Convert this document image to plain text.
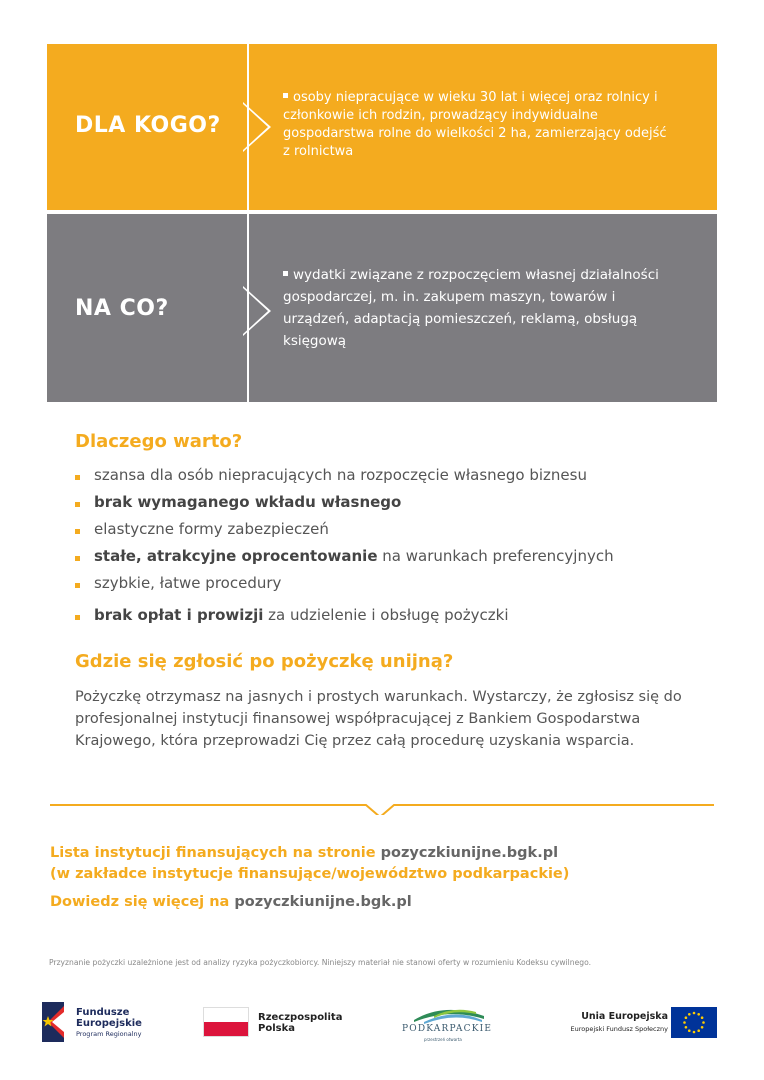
DLA KOGO?
osoby niepracujące w wieku 30 lat i więcej oraz rolnicy i członkowie ich rodzin, prowadzący indywidualne gospodarstwa rolne do wielkości 2 ha, zamierzający odejść z rolnictwa
NA CO?
wydatki związane z rozpoczęciem własnej działalności gospodarczej, m. in. zakupem maszyn, towarów i urządzeń, adaptacją pomieszczeń, reklamą, obsługą księgową
Dlaczego warto?
szansa dla osób niepracujących na rozpoczęcie własnego biznesu
brak wymaganego wkładu własnego
elastyczne formy zabezpieczeń
stałe, atrakcyjne oprocentowanie na warunkach preferencyjnych
szybkie, łatwe procedury
brak opłat i prowizji za udzielenie i obsługę pożyczki
Gdzie się zgłosić po pożyczkę unijną?
Pożyczkę otrzymasz na jasnych i prostych warunkach. Wystarczy, że zgłosisz się do profesjonalnej instytucji finansowej współpracującej z Bankiem Gospodarstwa Krajowego, która przeprowadzi Cię przez całą procedurę uzyskania wsparcia.
Lista instytucji finansujących na stronie pozyczkiunijne.bgk.pl
(w zakładce instytucje finansujące/województwo podkarpackie)
Dowiedz się więcej na pozyczkiunijne.bgk.pl
Przyznanie pożyczki uzależnione jest od analizy ryzyka pożyczkobiorcy. Niniejszy materiał nie stanowi oferty w rozumieniu Kodeksu cywilnego.
Fundusze
Europejskie
Program Regionalny
Rzeczpospolita
Polska	PODKARPACKIE
przestrzeń otwarta
Unia Europejska
Europejski Fundusz Społeczny
